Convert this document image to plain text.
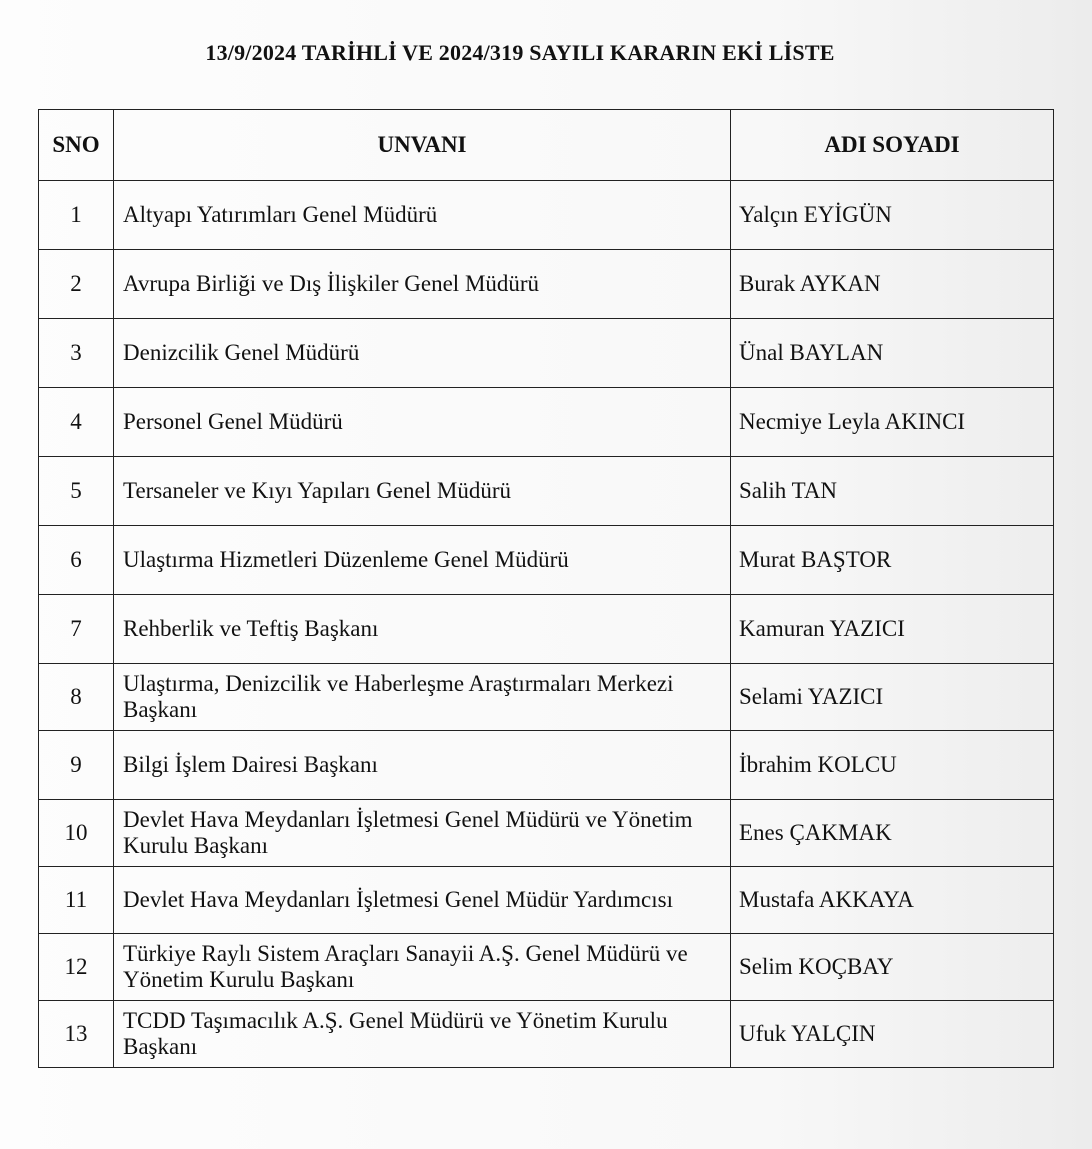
13/9/2024 TARİHLİ VE 2024/319 SAYILI KARARIN EKİ LİSTE
SNO	UNVANI	ADI SOYADI
1	Altyapı Yatırımları Genel Müdürü	Yalçın EYİGÜN
2	Avrupa Birliği ve Dış İlişkiler Genel Müdürü	Burak AYKAN
3	Denizcilik Genel Müdürü	Ünal BAYLAN
4	Personel Genel Müdürü	Necmiye Leyla AKINCI
5	Tersaneler ve Kıyı Yapıları Genel Müdürü	Salih TAN
6	Ulaştırma Hizmetleri Düzenleme Genel Müdürü	Murat BAŞTOR
7	Rehberlik ve Teftiş Başkanı	Kamuran YAZICI
8	Ulaştırma, Denizcilik ve Haberleşme Araştırmaları Merkezi Başkanı	Selami YAZICI
9	Bilgi İşlem Dairesi Başkanı	İbrahim KOLCU
10	Devlet Hava Meydanları İşletmesi Genel Müdürü ve Yönetim Kurulu Başkanı	Enes ÇAKMAK
11	Devlet Hava Meydanları İşletmesi Genel Müdür Yardımcısı	Mustafa AKKAYA
12	Türkiye Raylı Sistem Araçları Sanayii A.Ş. Genel Müdürü ve Yönetim Kurulu Başkanı	Selim KOÇBAY
13	TCDD Taşımacılık A.Ş. Genel Müdürü ve Yönetim Kurulu Başkanı	Ufuk YALÇIN
